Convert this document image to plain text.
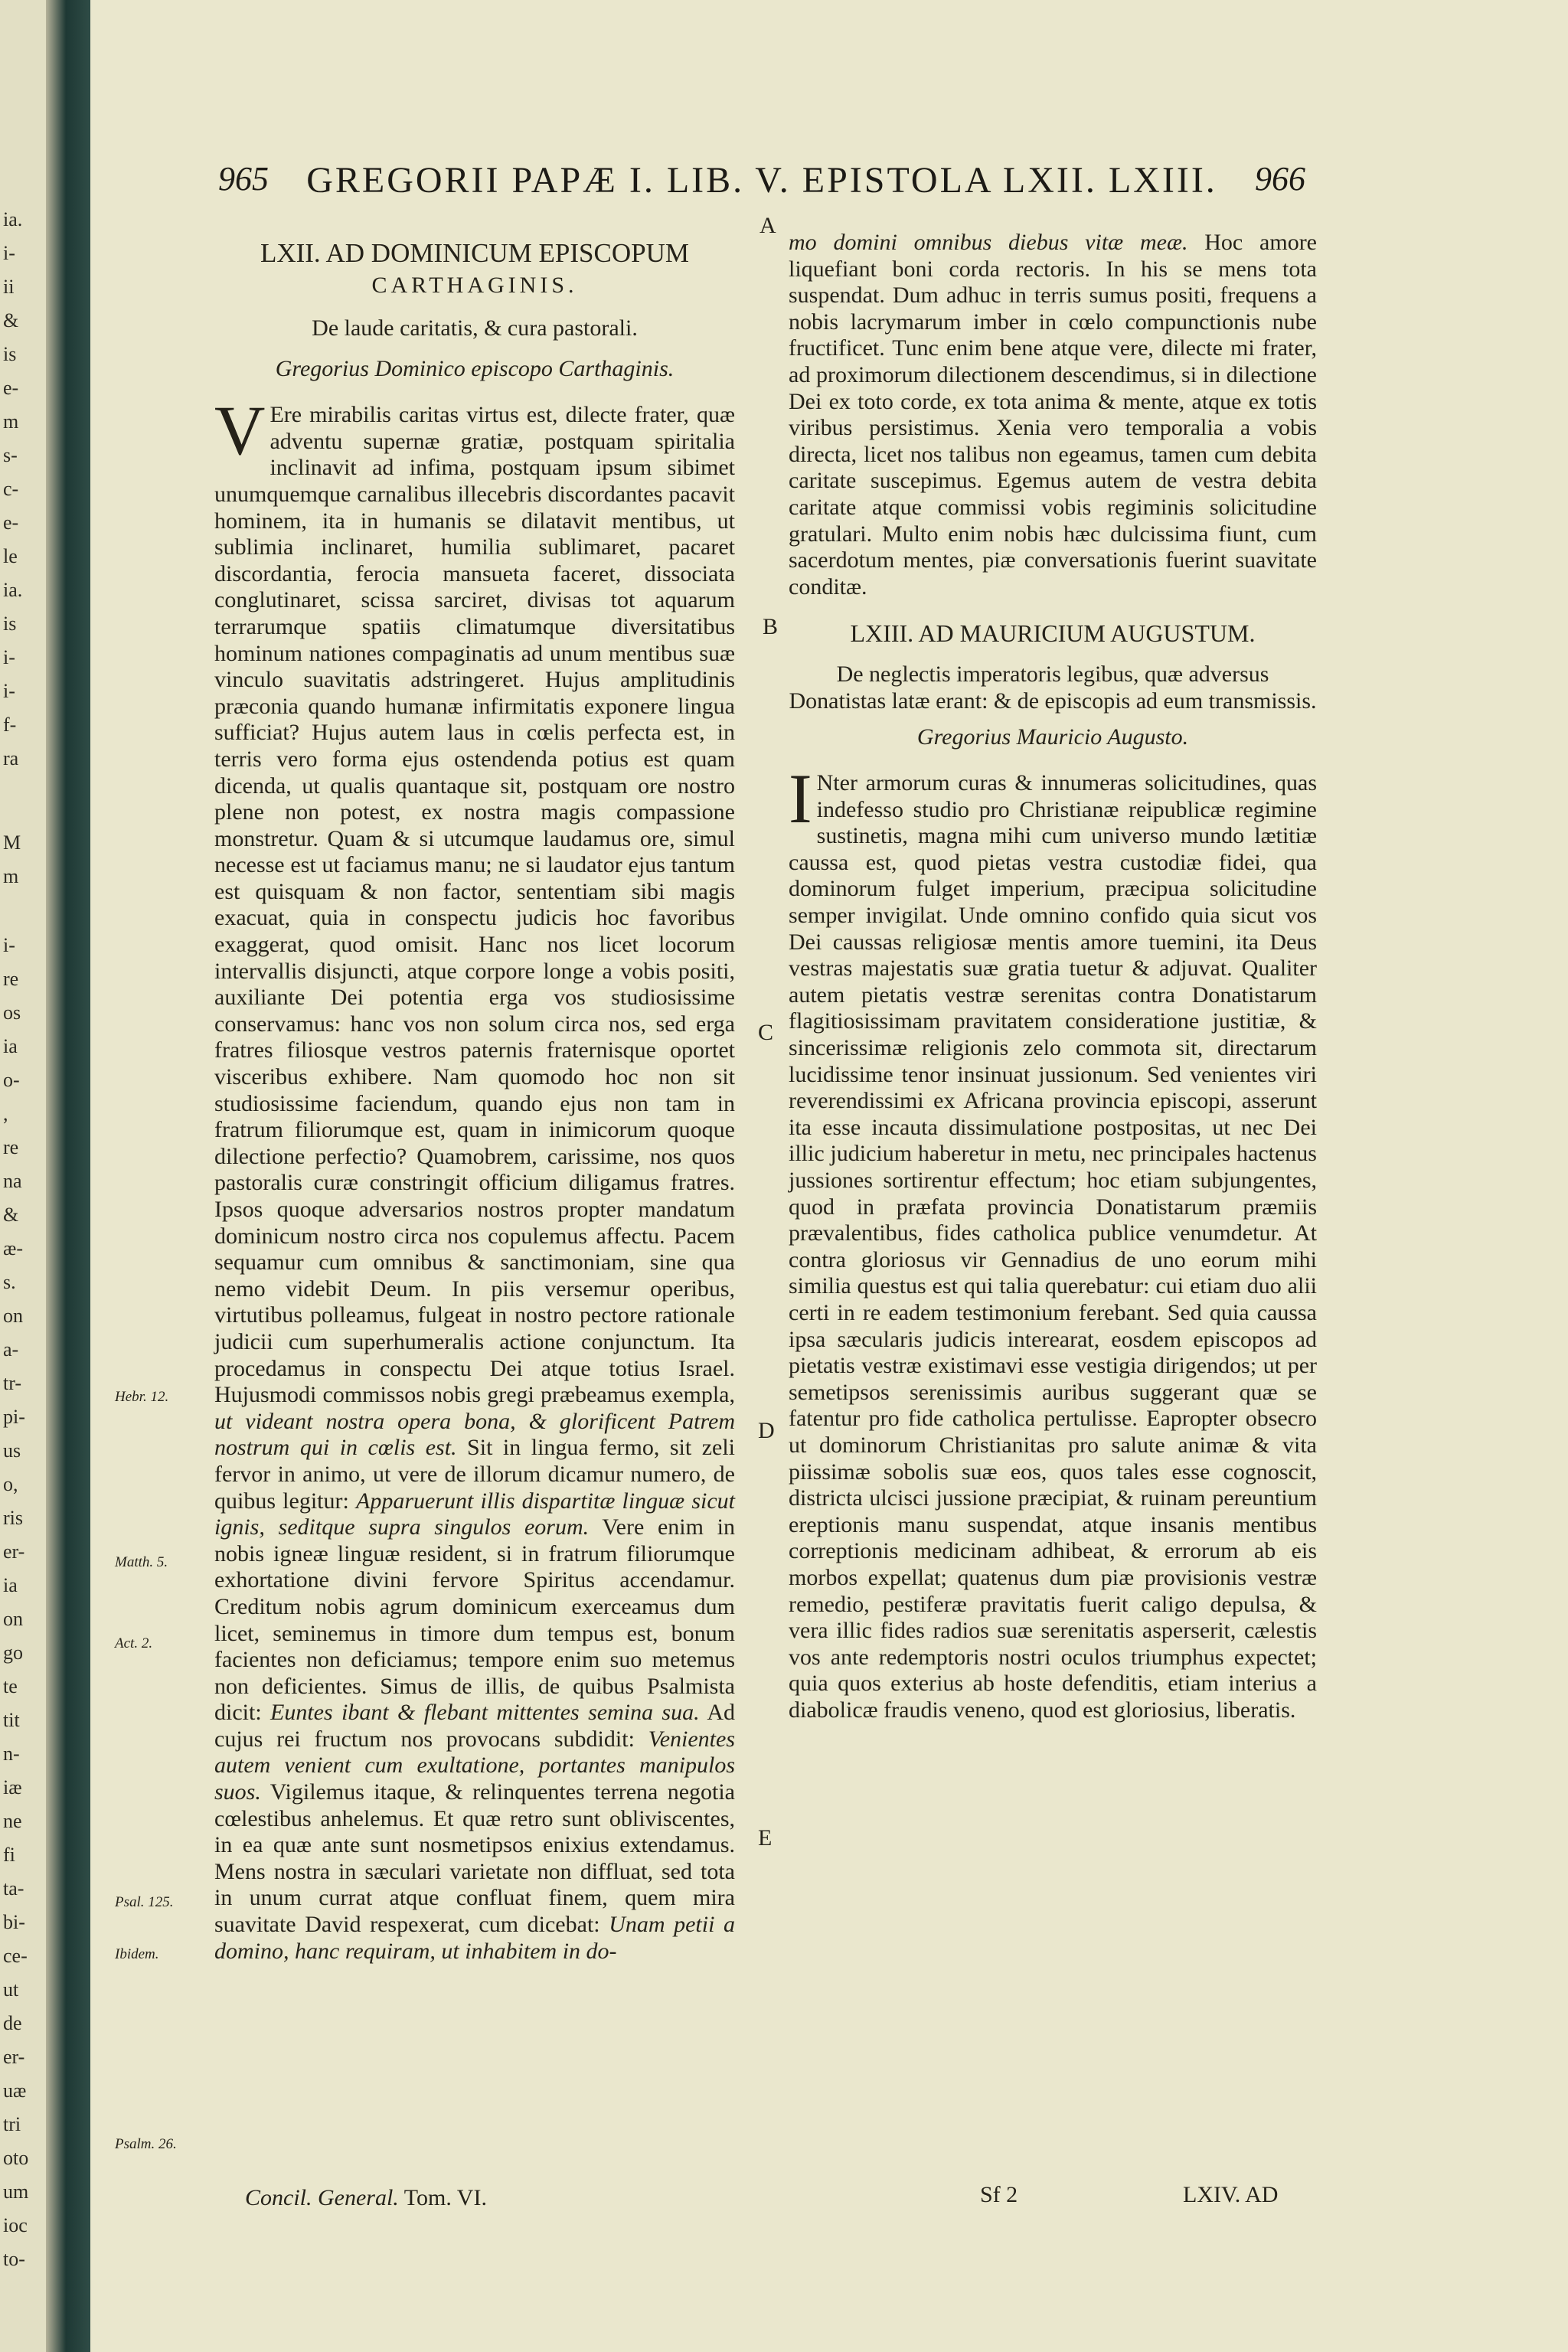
ia.
i-
ii
&
is
e-
m
s-
c-
e-
le
ia.
is
i-
i-
f-
ra
M
m
i-
re
os
ia
o-
,
re
na
&
æ-
s.
on
a-
tr-
pi-
us
o,
ris
er-
ia
on
go
te
tit
n-
iæ
ne
fi
ta-
bi-
ce-
ut
de
er-
uæ
tri
oto
um
ioc
to-
965	GREGORII PAPÆ I. LIB. V. EPISTOLA LXII. LXIII.	966
A
B
C
D
E
Hebr. 12.
Matth. 5.
Act. 2.
Psal. 125.
Ibidem.
Psalm. 26.
LXII. AD DOMINICUM EPISCOPUM
CARTHAGINIS.
De laude caritatis, & cura pastorali.
Gregorius Dominico episcopo Carthaginis.

V Ere mirabilis caritas virtus est, dilecte frater, quæ adventu supernæ gratiæ, postquam spiritalia inclinavit ad infima, postquam ipsum sibimet unumquemque carnalibus illecebris discordantes pacavit hominem, ita in humanis se dilatavit mentibus, ut sublimia inclinaret, humilia sublimaret, pacaret discordantia, ferocia mansueta faceret, dissociata conglutinaret, scissa sarciret, divisas tot aquarum terrarumque spatiis climatumque diversitatibus hominum nationes compaginatis ad unum mentibus suæ vinculo suavitatis adstringeret. Hujus amplitudinis præconia quando humanæ infirmitatis exponere lingua sufficiat? Hujus autem laus in cœlis perfecta est, in terris vero forma ejus ostendenda potius est quam dicenda, ut qualis quantaque sit, postquam ore nostro plene non potest, ex nostra magis compassione monstretur. Quam & si utcumque laudamus ore, simul necesse est ut faciamus manu; ne si laudator ejus tantum est quisquam & non factor, sententiam sibi magis exacuat, quia in conspectu judicis hoc favoribus exaggerat, quod omisit. Hanc nos licet locorum intervallis disjuncti, atque corpore longe a vobis positi, auxiliante Dei potentia erga vos studiosissime conservamus: hanc vos non solum circa nos, sed erga fratres filiosque vestros paternis fraternisque oportet visceribus exhibere. Nam quomodo hoc non sit studiosissime faciendum, quando ejus non tam in fratrum filiorumque est, quam in inimicorum quoque dilectione perfectio? Quamobrem, carissime, nos quos pastoralis curæ constringit officium diligamus fratres. Ipsos quoque adversarios nostros propter mandatum dominicum nostro circa nos copulemus affectu. Pacem sequamur cum omnibus & sanctimoniam, sine qua nemo videbit Deum. In piis versemur operibus, virtutibus polleamus, fulgeat in nostro pectore rationale judicii cum superhumeralis actione conjunctum. Ita procedamus in conspectu Dei atque totius Israel. Hujusmodi commissos nobis gregi præbeamus exempla, ut videant nostra opera bona, & glorificent Patrem nostrum qui in cœlis est. Sit in lingua fermo, sit zeli fervor in animo, ut vere de illorum dicamur numero, de quibus legitur: Apparuerunt illis dispartitæ linguæ sicut ignis, seditque supra singulos eorum. Vere enim in nobis igneæ linguæ resident, si in fratrum filiorumque exhortatione divini fervore Spiritus accendamur. Creditum nobis agrum dominicum exerceamus dum licet, seminemus in timore dum tempus est, bonum facientes non deficiamus; tempore enim suo metemus non deficientes. Simus de illis, de quibus Psalmista dicit: Euntes ibant & flebant mittentes semina sua. Ad cujus rei fructum nos provocans subdidit: Venientes autem venient cum exultatione, portantes manipulos suos. Vigilemus itaque, & relinquentes terrena negotia cœlestibus anhelemus. Et quæ retro sunt obliviscentes, in ea quæ ante sunt nosmetipsos enixius extendamus. Mens nostra in sæculari varietate non diffluat, sed tota in unum currat atque confluat finem, quem mira suavitate David respexerat, cum dicebat: Unam petii a domino, hanc requiram, ut inhabitem in do-

mo domini omnibus diebus vitæ meæ. Hoc amore liquefiant boni corda rectoris. In his se mens tota suspendat. Dum adhuc in terris sumus positi, frequens a nobis lacrymarum imber in cœlo compunctionis nube fructificet. Tunc enim bene atque vere, dilecte mi frater, ad proximorum dilectionem descendimus, si in dilectione Dei ex toto corde, ex tota anima & mente, atque ex totis viribus persistimus. Xenia vero temporalia a vobis directa, licet nos talibus non egeamus, tamen cum debita caritate suscepimus. Egemus autem de vestra debita caritate atque commissi vobis regiminis solicitudine gratulari. Multo enim nobis hæc dulcissima fiunt, cum sacerdotum mentes, piæ conversationis fuerint suavitate conditæ.

LXIII. AD MAURICIUM AUGUSTUM.
De neglectis imperatoris legibus, quæ adversus Donatistas latæ erant: & de episcopis ad eum transmissis.
Gregorius Mauricio Augusto.

I Nter armorum curas & innumeras solicitudines, quas indefesso studio pro Christianæ reipublicæ regimine sustinetis, magna mihi cum universo mundo lætitiæ caussa est, quod pietas vestra custodiæ fidei, qua dominorum fulget imperium, præcipua solicitudine semper invigilat. Unde omnino confido quia sicut vos Dei caussas religiosæ mentis amore tuemini, ita Deus vestras majestatis suæ gratia tuetur & adjuvat. Qualiter autem pietatis vestræ serenitas contra Donatistarum flagitiosissimam pravitatem consideratione justitiæ, & sincerissimæ religionis zelo commota sit, directarum lucidissime tenor insinuat jussionum. Sed venientes viri reverendissimi ex Africana provincia episcopi, asserunt ita esse incauta dissimulatione postpositas, ut nec Dei illic judicium haberetur in metu, nec principales hactenus jussiones sortirentur effectum; hoc etiam subjungentes, quod in præfata provincia Donatistarum præmiis prævalentibus, fides catholica publice venumdetur. At contra gloriosus vir Gennadius de uno eorum mihi similia questus est qui talia querebatur: cui etiam duo alii certi in re eadem testimonium ferebant. Sed quia caussa ipsa sæcularis judicis interearat, eosdem episcopos ad pietatis vestræ existimavi esse vestigia dirigendos; ut per semetipsos serenissimis auribus suggerant quæ se fatentur pro fide catholica pertulisse. Eapropter obsecro ut dominorum Christianitas pro salute animæ & vita piissimæ sobolis suæ eos, quos tales esse cognoscit, districta ulcisci jussione præcipiat, & ruinam pereuntium ereptionis manu suspendat, atque insanis mentibus correptionis medicinam adhibeat, & errorum ab eis morbos expellat; quatenus dum piæ provisionis vestræ remedio, pestiferæ pravitatis fuerit caligo depulsa, & vera illic fides radios suæ serenitatis asperserit, cælestis vos ante redemptoris nostri oculos triumphus expectet; quia quos exterius ab hoste defenditis, etiam interius a diabolicæ fraudis veneno, quod est gloriosius, liberatis.

Concil. General. Tom. VI.	Sf 2	LXIV. AD
